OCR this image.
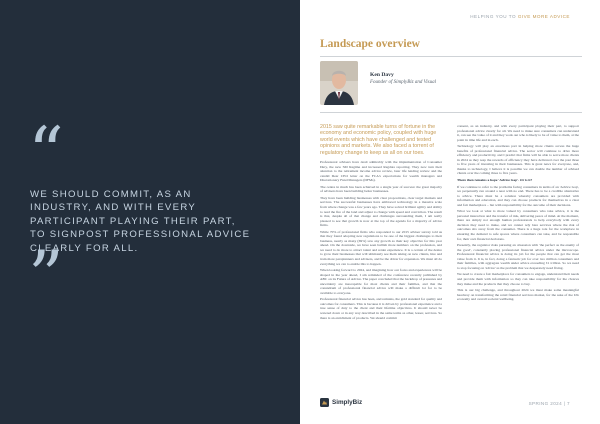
“
WE SHOULD COMMIT, AS AN INDUSTRY, AND WITH EVERY PARTICIPANT PLAYING THEIR PART, TO SIGNPOST PROFESSIONAL ADVICE CLEARLY FOR ALL.
”
HELPING YOU TO GIVE MORE ADVICE
Landscape overview
Ken Davy
Founder of SimplyBiz and Visual

2015 saw quite remarkable turns of fortune in the economy and economic policy, coupled with huge world events which have challenged and tested opinions and markets. We also faced a torrent of regulatory change to keep us all on our toes.

Professional advisers have dealt admirably with the implementation of Consumer Duty, the new SM Regime and increased Regdata reporting. They now turn their attention to the retirement income advice review, later life lending review and the candid Dear CEO letter on the FCA's expectations for wealth managers and Discretionary Fund Managers (DFMs).

The centre in much has been achieved in a single year of success: the great majority of advisers have been building better businesses.

They have been building businesses with clear propositions, clear target markets and services. The successful businesses have embraced technology in a massive scale from where change was a few years ago. They have solved brilliant agility and ability to read the fire of the land and adjust to change with speed and conviction. The result is that, despite all of that change and challenges surrounding them, I am really pleased to see that growth is now at the top of the agenda for a majority of advice firms.

While 70% of professional firms who responded to our 2015 adviser survey told us that they found adopting new regulations to be one of the biggest challenges to their business, nearly as many (69%) saw any growth as their key objective for this year ahead. On the downside, we have seen bullish more numbers on the profession, and we need to do more to attract talent and retain experience. It is a certain of the desire to grow their businesses that will ultimately see them taking on new clients, hire and train more paraplanners and advisers, and be the driver for expansion. We must all do everything we can to enable this to happen.

When looking forward to 2024, and imagining how our focus and experiences will be shaped in the year ahead, I am reminded of the conference recently published by ABC on its Future of Advice. The paper concluded that the backdrop of pressures and uncertainty are inescapable for most clients and their families, and that the conundrum of professional financial advice will make a difficult lot for to be available to everyone.

Professional financial advice has been, and remains, the gold standard for quality and outcomes for consumers. This is because it is driven by professional experience and a true sense of duty to the client and their lifetime objectives. It should never be watered down or in any way described in the same terms as other, lesser, services. So there is an enrichment of products. We should commit

consent, as an industry, and with every participant playing their part, to support professional advice clearly for all. We need to make sure consumers can understand it, can see the value of it and they work out who is likely to be of value to them, at the point in time life and in each.

Technology will play an enormous part in helping more clients access the huge benefits of professional financial advice. The sector will continue to drive more efficiency and productivity, and I predict that firms will be able to serve more clients in 2024 as they reap the rewards of efficiency they have delivered over the past three to five years of investing in their businesses. This is great news for everyone, and, thanks to technology, I believe it is possible we can double the number of advised clients over the coming three to five years.

There then remains a hope 'Advice Gap'. Or is it?

If we continue to refer to the problems facing consumers in terms of an 'Advice Gap', we perpetually run around a near with no end. There has to be a credible alternative to advice. There must be a solution whereby consumers are provided with information and education, and they can choose products for themselves in a clear and fair marketplace – but with responsibility for the outcome of their decisions.

What we look at what is more valued by consumers who take advice, it is the personal interaction and the transfer of risk, delivering peace of mind. At the moment, there are simply not enough human professionals to help everybody with every decision they need to make, and we cannot rely bare services where the risk of outcomes sits away from the consumer. There is a huge role for the workplace in ensuring the demand to safe spaces where consumers can take, and be responsible for, their own financial decisions.

Presently, the regulator risks pursuing an obsession with 'the perfect as the enemy of the good', constantly placing professional financial advice under the microscope. Professional financial advice is doing its job for the people that can get the most value from it. It is, in fact, doing a fantastic job for over two million consumers and their families, with aggregate wealth under advice exceeding £1 trillion. So we need to stop focusing on 'advice' as the problem that we desperately need fixing.

We need to create a fair marketplace for consumers to engage, understand their needs and provide them with information so they can take responsibility for the choices they make and the products that they choose to buy.

This is our big challenge, and throughout 2024 we must make some meaningful headway on transforming the retail financial services market, for the sake of the UK economy and overall societal wellbeing.

SimplyBiz	SPRING 2024 | 7
